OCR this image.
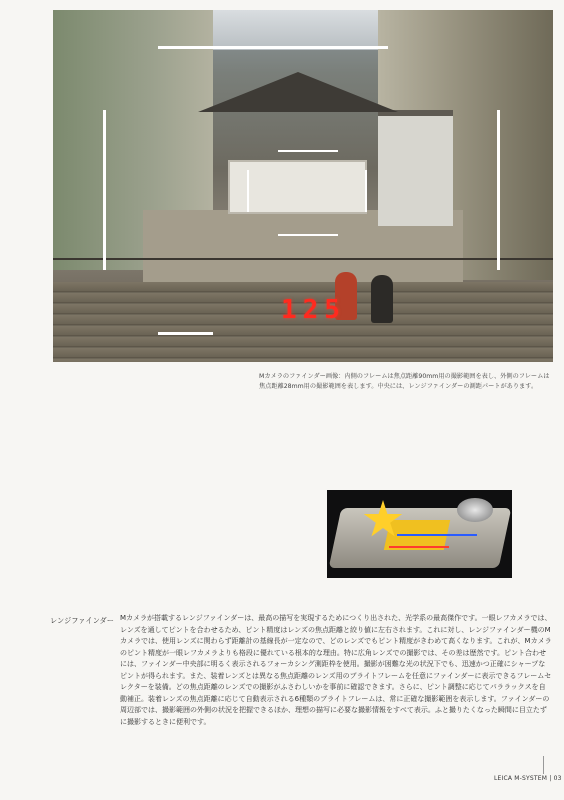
125
Mカメラのファインダー画像：内側のフレームは焦点距離90mm用の撮影範囲を表し、外側のフレームは焦点距離28mm用の撮影範囲を表します。中央には、レンジファインダーの測距パートがあります。
レンジファインダー Mカメラが搭載するレンジファインダーは、最高の描写を実現するためにつくり出された、光学系の最高傑作です。一眼レフカメラでは、レンズを通してピントを合わせるため、ピント精度はレンズの焦点距離と絞り値に左右されます。これに対し、レンジファインダー機のMカメラでは、使用レンズに関わらず距離計の基線長が一定なので、どのレンズでもピント精度がきわめて高くなります。これが、Mカメラのピント精度が一眼レフカメラよりも格段に優れている根本的な理由。特に広角レンズでの撮影では、その差は歴然です。ピント合わせには、ファインダー中央部に明るく表示されるフォーカシング測距枠を使用。撮影が困難な光の状況下でも、迅速かつ正確にシャープなピントが得られます。また、装着レンズとは異なる焦点距離のレンズ用のブライトフレームを任意にファインダーに表示できるフレームセレクターを装備。どの焦点距離のレンズでの撮影がふさわしいかを事前に確認できます。さらに、ピント調整に応じてパララックスを自動補正。装着レンズの焦点距離に応じて自動表示される6種類のブライトフレームは、常に正確な撮影範囲を表示します。ファインダーの周辺部では、撮影範囲の外側の状況を把握できるほか、理想の描写に必要な撮影情報をすべて表示。ふと撮りたくなった瞬間に目立たずに撮影するときに便利です。
LEICA M-SYSTEM | 03
